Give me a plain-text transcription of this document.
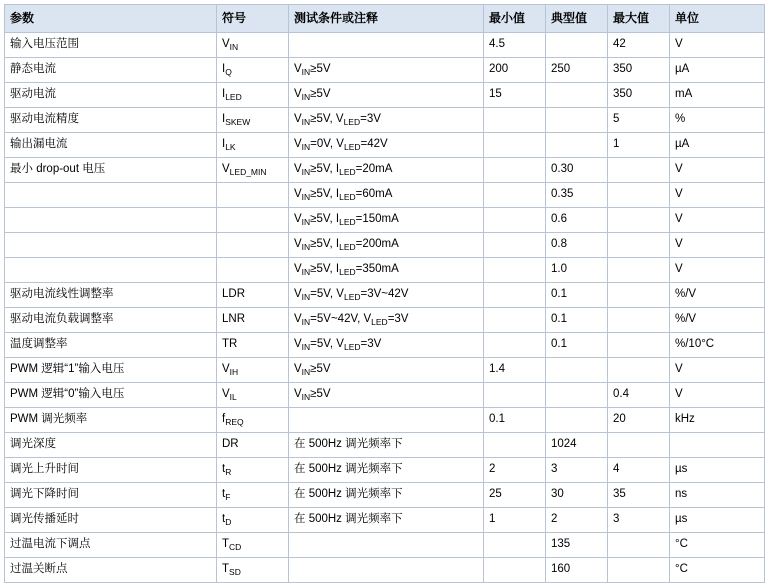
参数	符号	测试条件或注释	最小值	典型值	最大值	单位
输入电压范围	$V_{IN}$		4.5		42	V
静态电流	$I_Q$	$V_{IN}\ge 5V$	200	250	350	µA
驱动电流	$I_{LED}$	$V_{IN}\ge 5V$	15		350	mA
驱动电流精度	$I_{SKEW}$	$V_{IN}\ge 5V$, $V_{LED}=3V$			5	%
输出漏电流	$I_{LK}$	$V_{IN}=0V$, $V_{LED}=42V$			1	µA
最小 drop-out 电压	$V_{LED\_MIN}$	$V_{IN}\ge 5V$, $I_{LED}=20mA$		0.30		V
		$V_{IN}\ge 5V$, $I_{LED}=60mA$		0.35		V
		$V_{IN}\ge 5V$, $I_{LED}=150mA$		0.6		V
		$V_{IN}\ge 5V$, $I_{LED}=200mA$		0.8		V
		$V_{IN}\ge 5V$, $I_{LED}=350mA$		1.0		V
驱动电流线性调整率	LDR	$V_{IN}=5V$, $V_{LED}=3V\sim 42V$		0.1		%/V
驱动电流负载调整率	LNR	$V_{IN}=5V\sim 42V$, $V_{LED}=3V$		0.1		%/V
温度调整率	TR	$V_{IN}=5V$, $V_{LED}=3V$		0.1		%/10°C
PWM 逻辑“1”输入电压	$V_{IH}$	$V_{IN}\ge 5V$	1.4			V
PWM 逻辑“0”输入电压	$V_{IL}$	$V_{IN}\ge 5V$			0.4	V
PWM 调光频率	$f_{REQ}$		0.1		20	kHz
调光深度	DR	在 500Hz 调光频率下		1024		
调光上升时间	$t_R$	在 500Hz 调光频率下	2	3	4	µs
调光下降时间	$t_F$	在 500Hz 调光频率下	25	30	35	ns
调光传播延时	$t_D$	在 500Hz 调光频率下	1	2	3	µs
过温电流下调点	$T_{CD}$			135		°C
过温关断点	$T_{SD}$			160		°C
